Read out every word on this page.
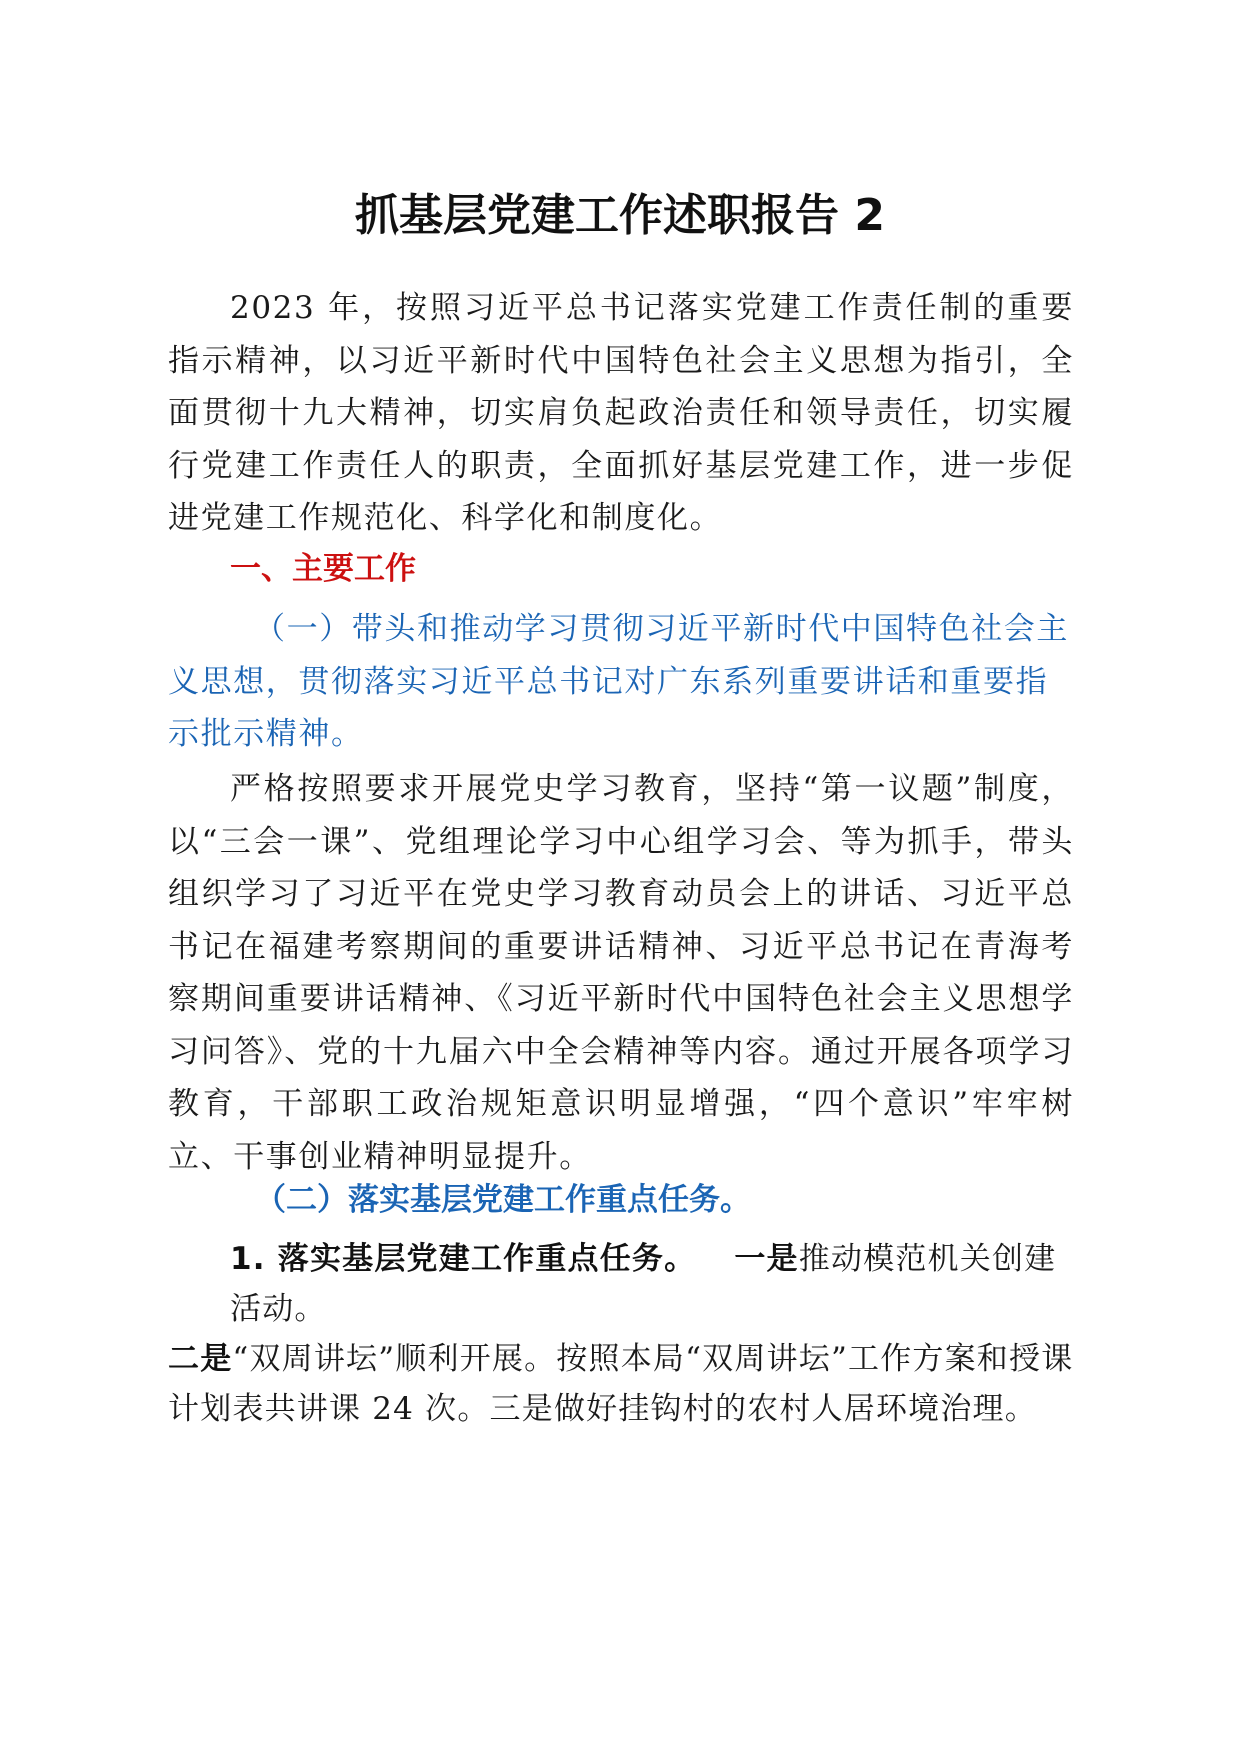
抓基层党建工作述职报告 2

2023 年，按照习近平总书记落实党建工作责任制的重要指示精神，以习近平新时代中国特色社会主义思想为指引，全面贯彻十九大精神，切实肩负起政治责任和领导责任，切实履行党建工作责任人的职责，全面抓好基层党建工作，进一步促进党建工作规范化、科学化和制度化。

一、主要工作

（一）带头和推动学习贯彻习近平新时代中国特色社会主义思想，贯彻落实习近平总书记对广东系列重要讲话和重要指示批示精神。

严格按照要求开展党史学习教育，坚持“第一议题”制度，以“三会一课”、党组理论学习中心组学习会、等为抓手，带头组织学习了习近平在党史学习教育动员会上的讲话、习近平总书记在福建考察期间的重要讲话精神、习近平总书记在青海考察期间重要讲话精神、《习近平新时代中国特色社会主义思想学习问答》、党的十九届六中全会精神等内容。通过开展各项学习教育，干部职工政治规矩意识明显增强，“四个意识”牢牢树立、干事创业精神明显提升。

（二）落实基层党建工作重点任务。

1. 落实基层党建工作重点任务。 一是推动模范机关创建活动。
二是“双周讲坛”顺利开展。按照本局“双周讲坛”工作方案和授课计划表共讲课 24 次。三是做好挂钩村的农村人居环境治理。
